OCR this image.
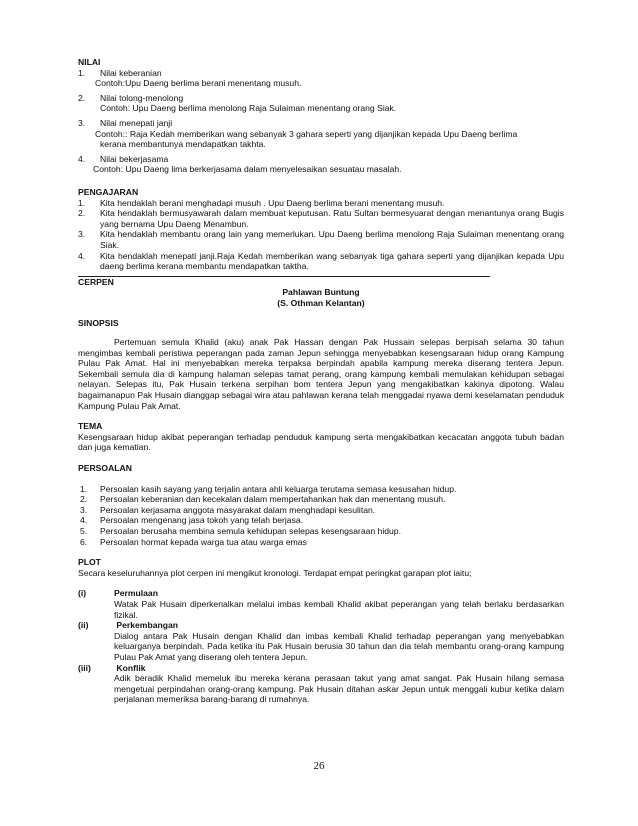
NILAI

1.	Nilai keberanian
Contoh:Upu Daeng berlima berani menentang musuh.
2.	Nilai tolong-menolong
Contoh: Upu Daeng berlima menolong Raja Sulaiman menentang orang Siak.
3.	Nilai menepati janji
Contoh:: Raja Kedah memberikan wang sebanyak 3 gahara seperti yang dijanjikan kepada Upu Daeng berlima
kerana membantunya mendapatkan takhta.
4.	Nilai bekerjasama
Contoh: Upu Daeng lima berkerjasama dalam menyelesaikan sesuatau masalah.

PENGAJARAN

1.	Kita hendaklah berani menghadapi musuh . Upu Daeng berlima berani menentang musuh.
2.	Kita hendaklah bermusyawarah dalam membuat keputusan. Ratu Sultan bermesyuarat dengan menantunya orang Bugis yang bernama Upu Daeng Menambun.
3.	Kita hendaklah membantu orang lain yang memerlukan. Upu Daeng berlima menolong Raja Sulaiman menentang orang Siak.
4.	Kita hendaklah menepati janji.Raja Kedah memberikan wang sebanyak tiga gahara seperti yang dijanjikan kepada Upu daeng berlima kerana membantu mendapatkan taktha.

CERPEN

Pahlawan Buntung
(S. Othman Kelantan)

SINOPSIS

Pertemuan semula Khalid (aku) anak Pak Hassan dengan Pak Hussain selepas berpisah selama 30 tahun mengimbas kembali peristiwa peperangan pada zaman Jepun sehingga menyebabkan kesengsaraan hidup orang Kampung Pulau Pak Amat. Hal ini menyebabkan mereka terpaksa berpindah apabila kampung mereka diserang tentera Jepun. Sekembali semula dia di kampung halaman selepas tamat perang, orang kampung kembali memulakan kehidupan sebagai nelayan. Selepas itu, Pak Husain terkena serpihan bom tentera Jepun yang mengakibatkan kakinya dipotong. Walau bagaimanapun Pak Husain dianggap sebagai wira atau pahlawan kerana telah menggadai nyawa demi keselamatan penduduk Kampung Pulau Pak Amat.

TEMA

Kesengsaraan hidup akibat peperangan terhadap penduduk kampung serta mengakibatkan kecacatan anggota tubuh badan dan juga kematian.

PERSOALAN

1.	Persoalan kasih sayang yang terjalin antara ahli keluarga terutama semasa kesusahan hidup.
2.	Persoalan keberanian dan kecekalan dalam mempertahankan hak dan menentang musuh.
3.	Persoalan kerjasama anggota masyarakat dalam menghadapi kesulitan.
4.	Persoalan mengenang jasa tokoh yang telah berjasa.
5.	Persoalan berusaha membina semula kehidupan selepas kesengsaraan hidup.
6.	Persoalan hormat kepada warga tua atau warga emas

PLOT

Secara keseluruhannya plot cerpen ini mengikut kronologi. Terdapat empat peringkat garapan plot iaitu;
(i)	Permulaan
Watak Pak Husain diperkenalkan melalui imbas kembali Khalid akibat peperangan yang telah berlaku berdasarkan fizikal.
(ii)	Perkembangan
Dialog antara Pak Husain dengan Khalid dan imbas kembali Khalid terhadap peperangan yang menyebabkan keluarganya berpindah. Pada ketika itu Pak Husain berusia 30 tahun dan dia telah membantu orang-orang kampung Pulau Pak Amat yang diserang oleh tentera Jepun.
(iii)	Konflik
Adik beradik Khalid memeluk ibu mereka kerana perasaan takut yang amat sangat. Pak Husain hilang semasa mengetuai perpindahan orang-orang kampung. Pak Husain ditahan askar Jepun untuk menggali kubur ketika dalam perjalanan memeriksa barang-barang di rumahnya.
26
